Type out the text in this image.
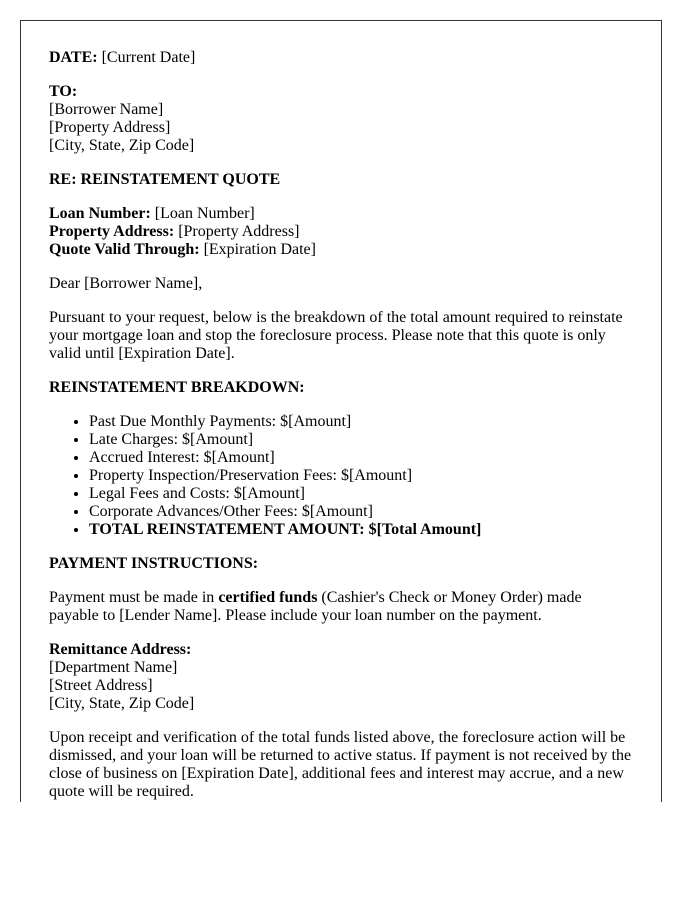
DATE: [Current Date]

TO:
[Borrower Name]
[Property Address]
[City, State, Zip Code]

RE: REINSTATEMENT QUOTE

Loan Number: [Loan Number]
Property Address: [Property Address]
Quote Valid Through: [Expiration Date]

Dear [Borrower Name],

Pursuant to your request, below is the breakdown of the total amount required to reinstate your mortgage loan and stop the foreclosure process. Please note that this quote is only valid until [Expiration Date].

REINSTATEMENT BREAKDOWN:

• Past Due Monthly Payments: $[Amount]
• Late Charges: $[Amount]
• Accrued Interest: $[Amount]
• Property Inspection/Preservation Fees: $[Amount]
• Legal Fees and Costs: $[Amount]
• Corporate Advances/Other Fees: $[Amount]
• TOTAL REINSTATEMENT AMOUNT: $[Total Amount]

PAYMENT INSTRUCTIONS:

Payment must be made in certified funds (Cashier's Check or Money Order) made payable to [Lender Name]. Please include your loan number on the payment.

Remittance Address:
[Department Name]
[Street Address]
[City, State, Zip Code]

Upon receipt and verification of the total funds listed above, the foreclosure action will be dismissed, and your loan will be returned to active status. If payment is not received by the close of business on [Expiration Date], additional fees and interest may accrue, and a new quote will be required.
